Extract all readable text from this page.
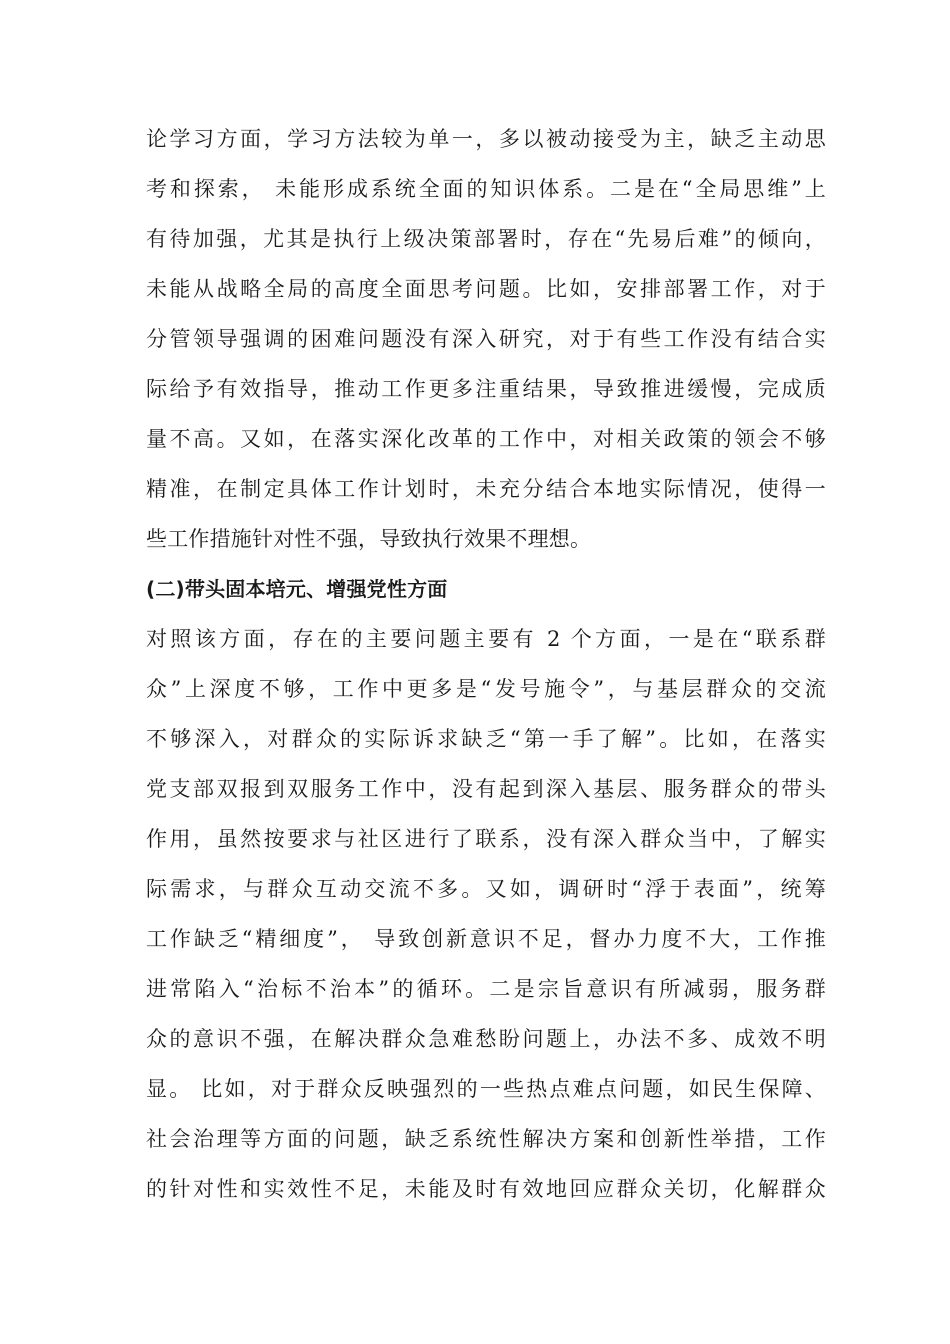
论学习方面，学习方法较为单一，多以被动接受为主，缺乏主动思
考和探索， 未能形成系统全面的知识体系。二是在“全局思维”上
有待加强，尤其是执行上级决策部署时，存在“先易后难”的倾向，
未能从战略全局的高度全面思考问题。比如，安排部署工作，对于
分管领导强调的困难问题没有深入研究，对于有些工作没有结合实
际给予有效指导，推动工作更多注重结果，导致推进缓慢，完成质
量不高。又如，在落实深化改革的工作中，对相关政策的领会不够
精准，在制定具体工作计划时，未充分结合本地实际情况，使得一
些工作措施针对性不强，导致执行效果不理想。
(二)带头固本培元、增强党性方面
对照该方面，存在的主要问题主要有 2 个方面，一是在“联系群
众”上深度不够，工作中更多是“发号施令”，与基层群众的交流
不够深入，对群众的实际诉求缺乏“第一手了解”。比如，在落实
党支部双报到双服务工作中，没有起到深入基层、服务群众的带头
作用，虽然按要求与社区进行了联系，没有深入群众当中，了解实
际需求，与群众互动交流不多。又如，调研时“浮于表面”，统筹
工作缺乏“精细度”， 导致创新意识不足，督办力度不大，工作推
进常陷入“治标不治本”的循环。二是宗旨意识有所减弱，服务群
众的意识不强，在解决群众急难愁盼问题上，办法不多、成效不明
显。 比如，对于群众反映强烈的一些热点难点问题，如民生保障、
社会治理等方面的问题，缺乏系统性解决方案和创新性举措，工作
的针对性和实效性不足，未能及时有效地回应群众关切，化解群众
